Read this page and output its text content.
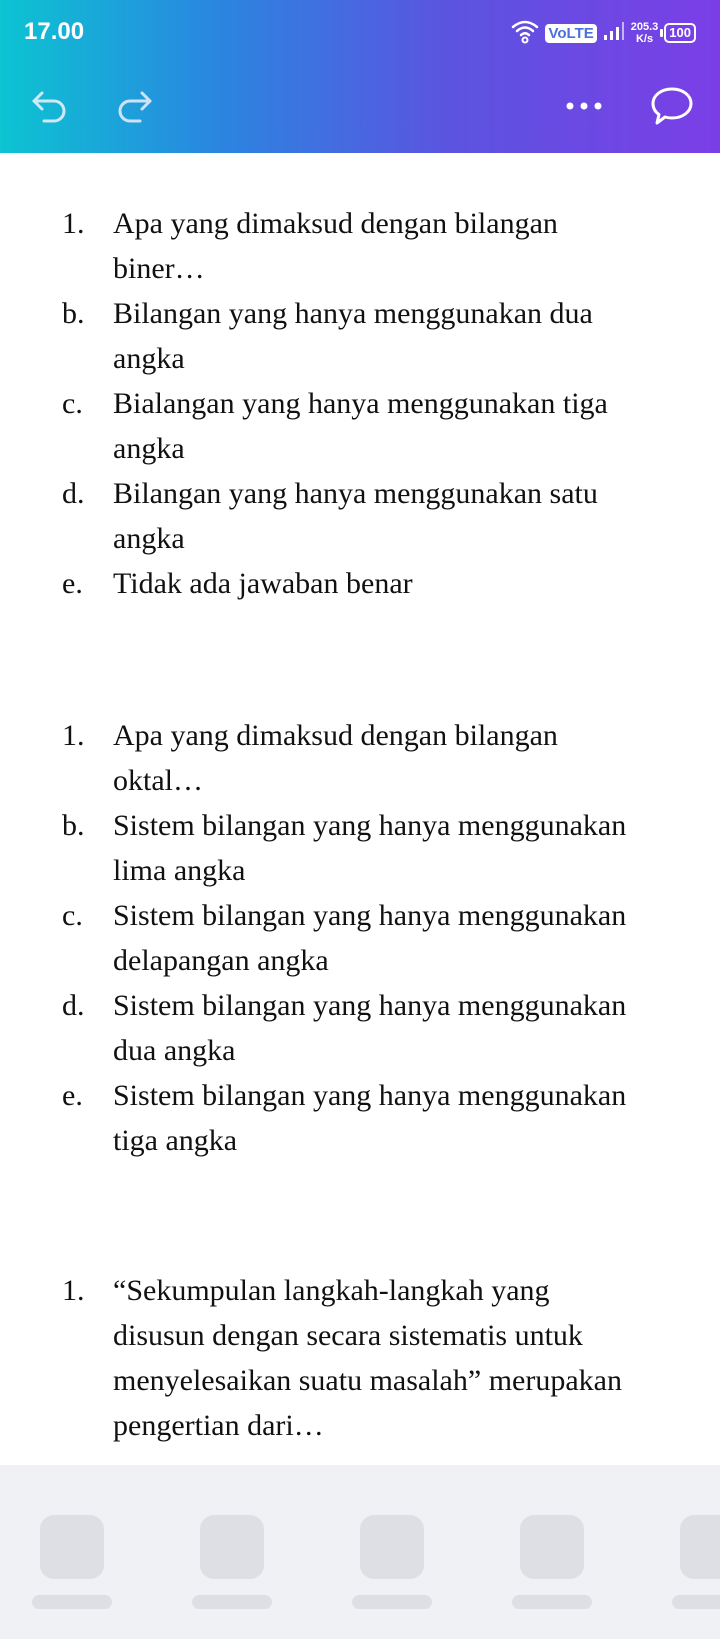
17.00	VoLTE	205.3
K/s	100
1. Apa yang dimaksud dengan bilangan
biner…
b. Bilangan yang hanya menggunakan dua
angka
c.	Bialangan yang hanya menggunakan tiga
angka
d. Bilangan yang hanya menggunakan satu
angka
e.	Tidak ada jawaban benar
1. Apa yang dimaksud dengan bilangan
oktal…
b. Sistem bilangan yang hanya menggunakan
lima angka
c.	Sistem bilangan yang hanya menggunakan
delapangan angka
d. Sistem bilangan yang hanya menggunakan
dua angka
e.	Sistem bilangan yang hanya menggunakan
tiga angka
1. “Sekumpulan langkah-langkah yang
disusun dengan secara sistematis untuk
menyelesaikan suatu masalah” merupakan
pengertian dari…
